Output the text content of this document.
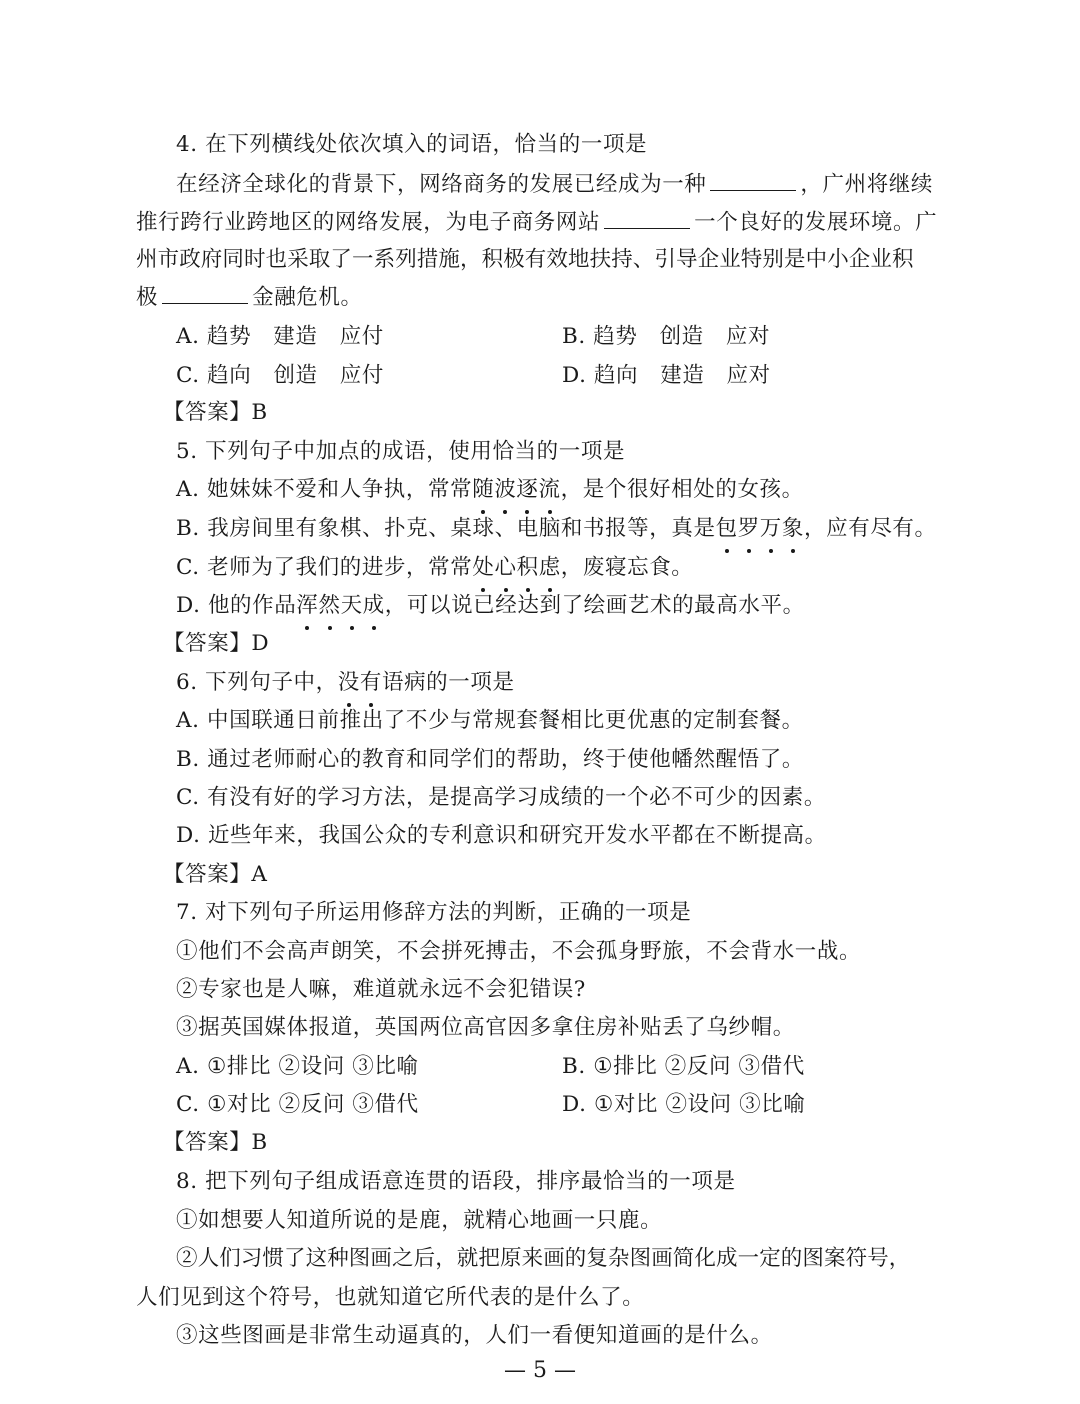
4. 在下列横线处依次填入的词语，恰当的一项是
在经济全球化的背景下，网络商务的发展已经成为一种	，广州将继续
推行跨行业跨地区的网络发展，为电子商务网站	一个良好的发展环境。广
州市政府同时也采取了一系列措施，积极有效地扶持、引导企业特别是中小企业积
极	金融危机。
A. 趋势　建造　应付	B. 趋势　创造　应对
C. 趋向　创造　应付	D. 趋向　建造　应对
【答案】B
5. 下列句子中加点的成语，使用恰当的一项是
A. 她妹妹不爱和人争执，常常随波逐流，是个很好相处的女孩。
B. 我房间里有象棋、扑克、桌球、电脑和书报等，真是包罗万象，应有尽有。
C. 老师为了我们的进步，常常处心积虑，废寝忘食。
D. 他的作品浑然天成，可以说已经达到了绘画艺术的最高水平。
【答案】D
6. 下列句子中，没有语病的一项是
A. 中国联通日前推出了不少与常规套餐相比更优惠的定制套餐。
B. 通过老师耐心的教育和同学们的帮助，终于使他幡然醒悟了。
C. 有没有好的学习方法，是提高学习成绩的一个必不可少的因素。
D. 近些年来，我国公众的专利意识和研究开发水平都在不断提高。
【答案】A
7. 对下列句子所运用修辞方法的判断，正确的一项是
①他们不会高声朗笑，不会拼死搏击，不会孤身野旅，不会背水一战。
②专家也是人嘛，难道就永远不会犯错误?
③据英国媒体报道，英国两位高官因多拿住房补贴丢了乌纱帽。
A. ①排比 ②设问 ③比喻	B. ①排比 ②反问 ③借代
C. ①对比 ②反问 ③借代	D. ①对比 ②设问 ③比喻
【答案】B
8. 把下列句子组成语意连贯的语段，排序最恰当的一项是
①如想要人知道所说的是鹿，就精心地画一只鹿。
②人们习惯了这种图画之后，就把原来画的复杂图画简化成一定的图案符号，
人们见到这个符号，也就知道它所代表的是什么了。
③这些图画是非常生动逼真的，人们一看便知道画的是什么。
— 5 —
